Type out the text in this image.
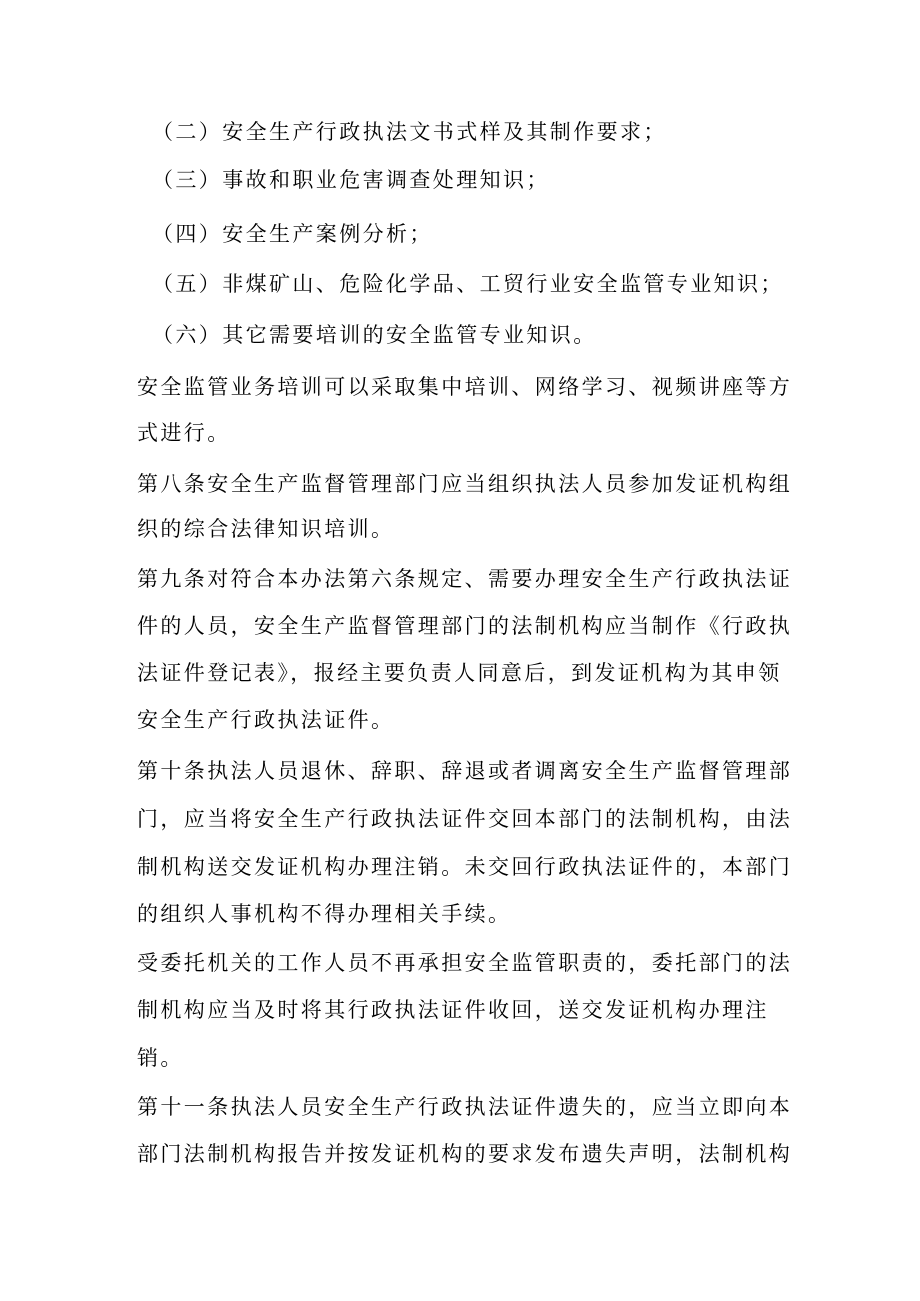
（二）安全生产行政执法文书式样及其制作要求；

（三）事故和职业危害调查处理知识；

（四）安全生产案例分析；

（五）非煤矿山、危险化学品、工贸行业安全监管专业知识；

（六）其它需要培训的安全监管专业知识。

安全监管业务培训可以采取集中培训、网络学习、视频讲座等方

式进行。

第八条安全生产监督管理部门应当组织执法人员参加发证机构组

织的综合法律知识培训。

第九条对符合本办法第六条规定、需要办理安全生产行政执法证

件的人员，安全生产监督管理部门的法制机构应当制作《行政执

法证件登记表》，报经主要负责人同意后，到发证机构为其申领

安全生产行政执法证件。

第十条执法人员退休、辞职、辞退或者调离安全生产监督管理部

门，应当将安全生产行政执法证件交回本部门的法制机构，由法

制机构送交发证机构办理注销。未交回行政执法证件的，本部门

的组织人事机构不得办理相关手续。

受委托机关的工作人员不再承担安全监管职责的，委托部门的法

制机构应当及时将其行政执法证件收回，送交发证机构办理注

销。

第十一条执法人员安全生产行政执法证件遗失的，应当立即向本

部门法制机构报告并按发证机构的要求发布遗失声明，法制机构
